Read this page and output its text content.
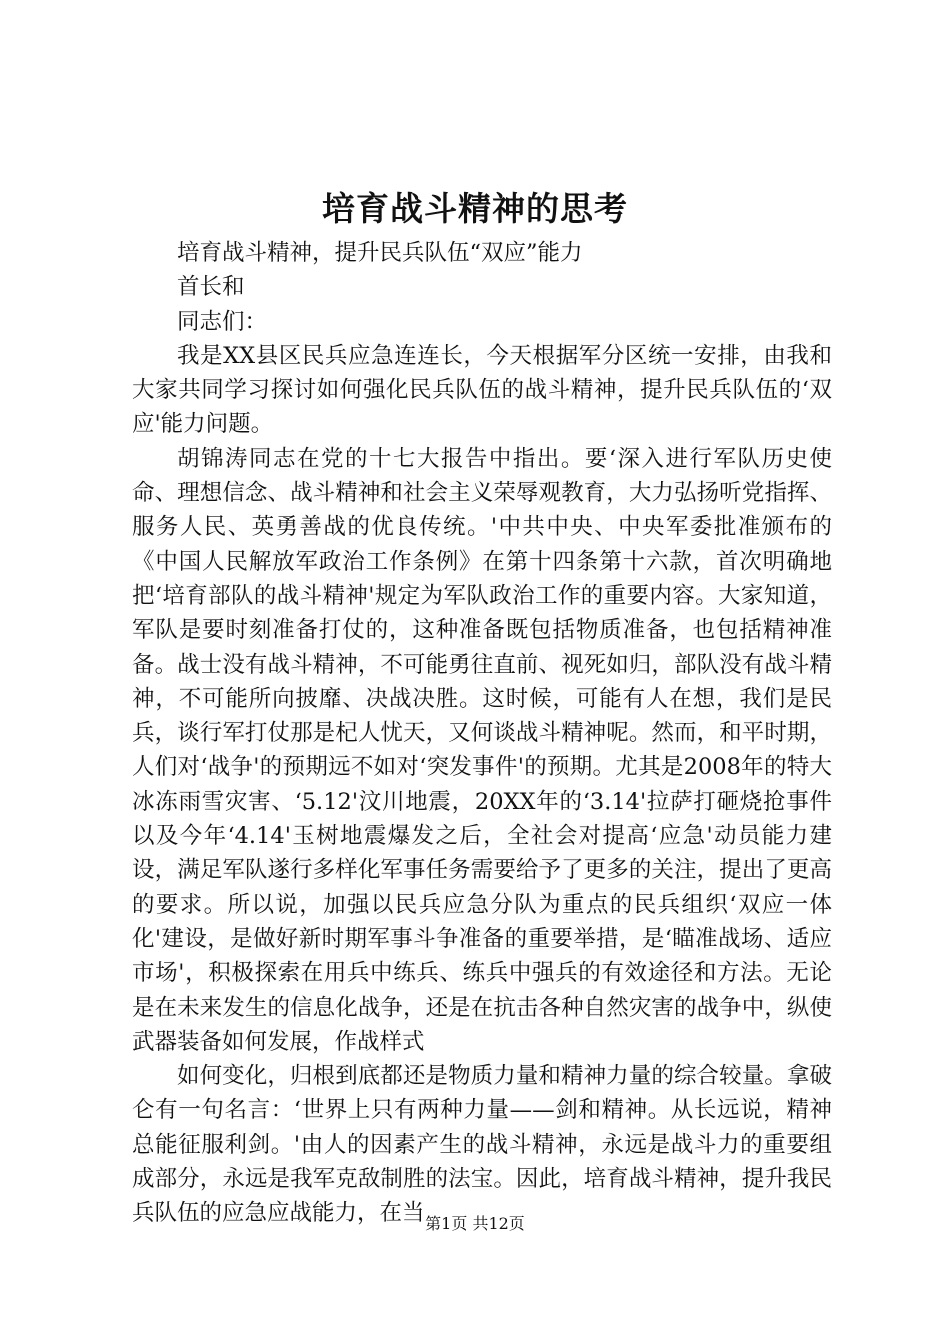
培育战斗精神的思考

培育战斗精神，提升民兵队伍“双应”能力

首长和

同志们：

我是XX县区民兵应急连连长，今天根据军分区统一安排，由我和大家共同学习探讨如何强化民兵队伍的战斗精神，提升民兵队伍的‘双应'能力问题。

胡锦涛同志在党的十七大报告中指出。要‘深入进行军队历史使命、理想信念、战斗精神和社会主义荣辱观教育，大力弘扬听党指挥、服务人民、英勇善战的优良传统。'中共中央、中央军委批准颁布的《中国人民解放军政治工作条例》在第十四条第十六款，首次明确地把‘培育部队的战斗精神'规定为军队政治工作的重要内容。大家知道，军队是要时刻准备打仗的，这种准备既包括物质准备，也包括精神准备。战士没有战斗精神，不可能勇往直前、视死如归，部队没有战斗精神，不可能所向披靡、决战决胜。这时候，可能有人在想，我们是民兵，谈行军打仗那是杞人忧天，又何谈战斗精神呢。然而，和平时期，人们对‘战争'的预期远不如对‘突发事件'的预期。尤其是2008年的特大冰冻雨雪灾害、‘5.12'汶川地震，20XX年的‘3.14'拉萨打砸烧抢事件以及今年‘4.14'玉树地震爆发之后，全社会对提高‘应急'动员能力建设，满足军队遂行多样化军事任务需要给予了更多的关注，提出了更高的要求。所以说，加强以民兵应急分队为重点的民兵组织‘双应一体化'建设，是做好新时期军事斗争准备的重要举措，是‘瞄准战场、适应市场'，积极探索在用兵中练兵、练兵中强兵的有效途径和方法。无论是在未来发生的信息化战争，还是在抗击各种自然灾害的战争中，纵使武器装备如何发展，作战样式

如何变化，归根到底都还是物质力量和精神力量的综合较量。拿破仑有一句名言：‘世界上只有两种力量——剑和精神。从长远说，精神总能征服利剑。'由人的因素产生的战斗精神，永远是战斗力的重要组成部分，永远是我军克敌制胜的法宝。因此，培育战斗精神，提升我民兵队伍的应急应战能力，在当 第1页 共12页
